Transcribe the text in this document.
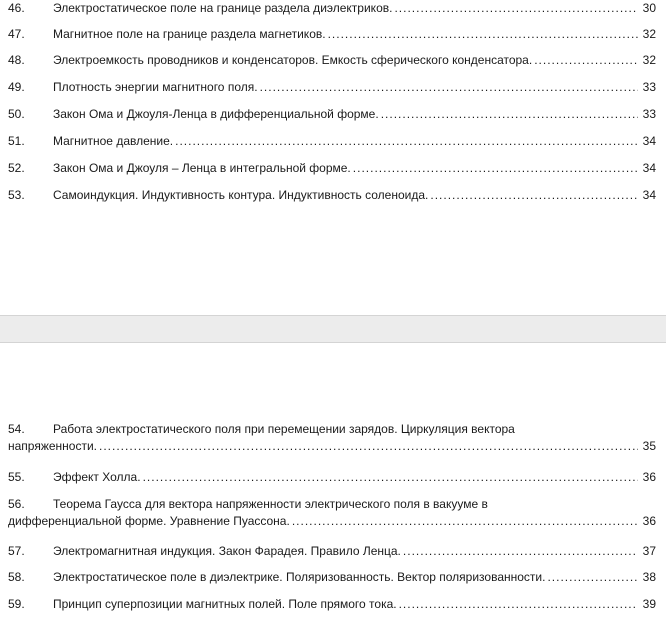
46. Электростатическое поле на границе раздела диэлектриков. .....	30
47. Магнитное поле на границе раздела магнетиков. .....	32
48. Электроемкость проводников и конденсаторов. Емкость сферического конденсатора. .....	32
49. Плотность энергии магнитного поля. .....	33
50. Закон Ома и Джоуля-Ленца в дифференциальной форме. .....	33
51. Магнитное давление. .....	34
52. Закон Ома и Джоуля – Ленца в интегральной форме. .....	34
53. Самоиндукция. Индуктивность контура. Индуктивность соленоида. .....	34
54. Работа электростатического поля при перемещении зарядов. Циркуляция вектора
напряженности. .....	35
55. Эффект Холла. .....	36
56. Теорема Гаусса для вектора напряженности электрического поля в вакууме в
дифференциальной форме. Уравнение Пуассона. .....	36
57. Электромагнитная индукция. Закон Фарадея. Правило Ленца. .....	37
58. Электростатическое поле в диэлектрике. Поляризованность. Вектор поляризованности. .....	38
59. Принцип суперпозиции магнитных полей. Поле прямого тока. .....	39
